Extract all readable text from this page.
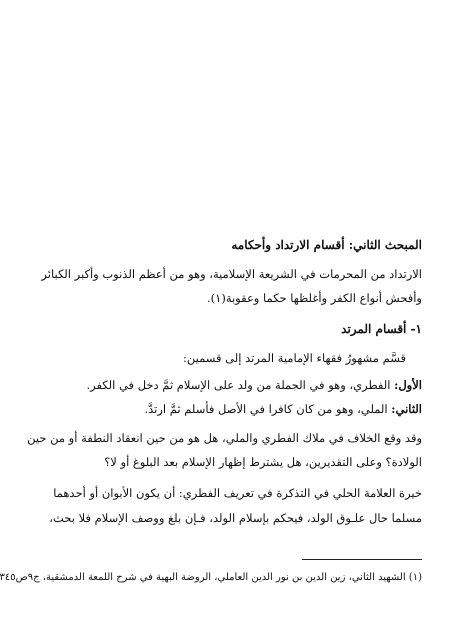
المبحث الثاني: أقسام الارتداد وأحكامه
الارتداد من المحرمات في الشريعة الإسلامية، وهو من أعظم الذنوب وأكبر الكبائر
وأفحش أنواع الكفر وأغلظها حكما وعقوبة(١).
١- أقسام المرتد
قسَّم مشهورُ فقهاء الإمامية المرتد إلى قسمين:
الأول: الفطري، وهو في الجملة من ولد على الإسلام ثمَّ دخل في الكفر.
الثاني: الملي، وهو من كان كافرا في الأصل فأسلم ثمَّ ارتدَّ.
وقد وقع الخلاف في ملاك الفطري والملي، هل هو من حين انعقاد النطفة أو من حين
الولادة؟ وعلى التقديرين، هل يشترط إظهار الإسلام بعد البلوغ أو لا؟
خيرة العلامة الحلي في التذكرة في تعريف الفطري: أن يكون الأبوان أو أحدهما
مسلما حال علـوق الولد، فيحكم بإسلام الولد، فـإن بلغ ووصف الإسلام فلا بحث،
(١) الشهيد الثاني، زين الدين بن نور الدين العاملي، الروضة البهية في شرح اللمعة الدمشقية، ج٩ص٣٤٥
